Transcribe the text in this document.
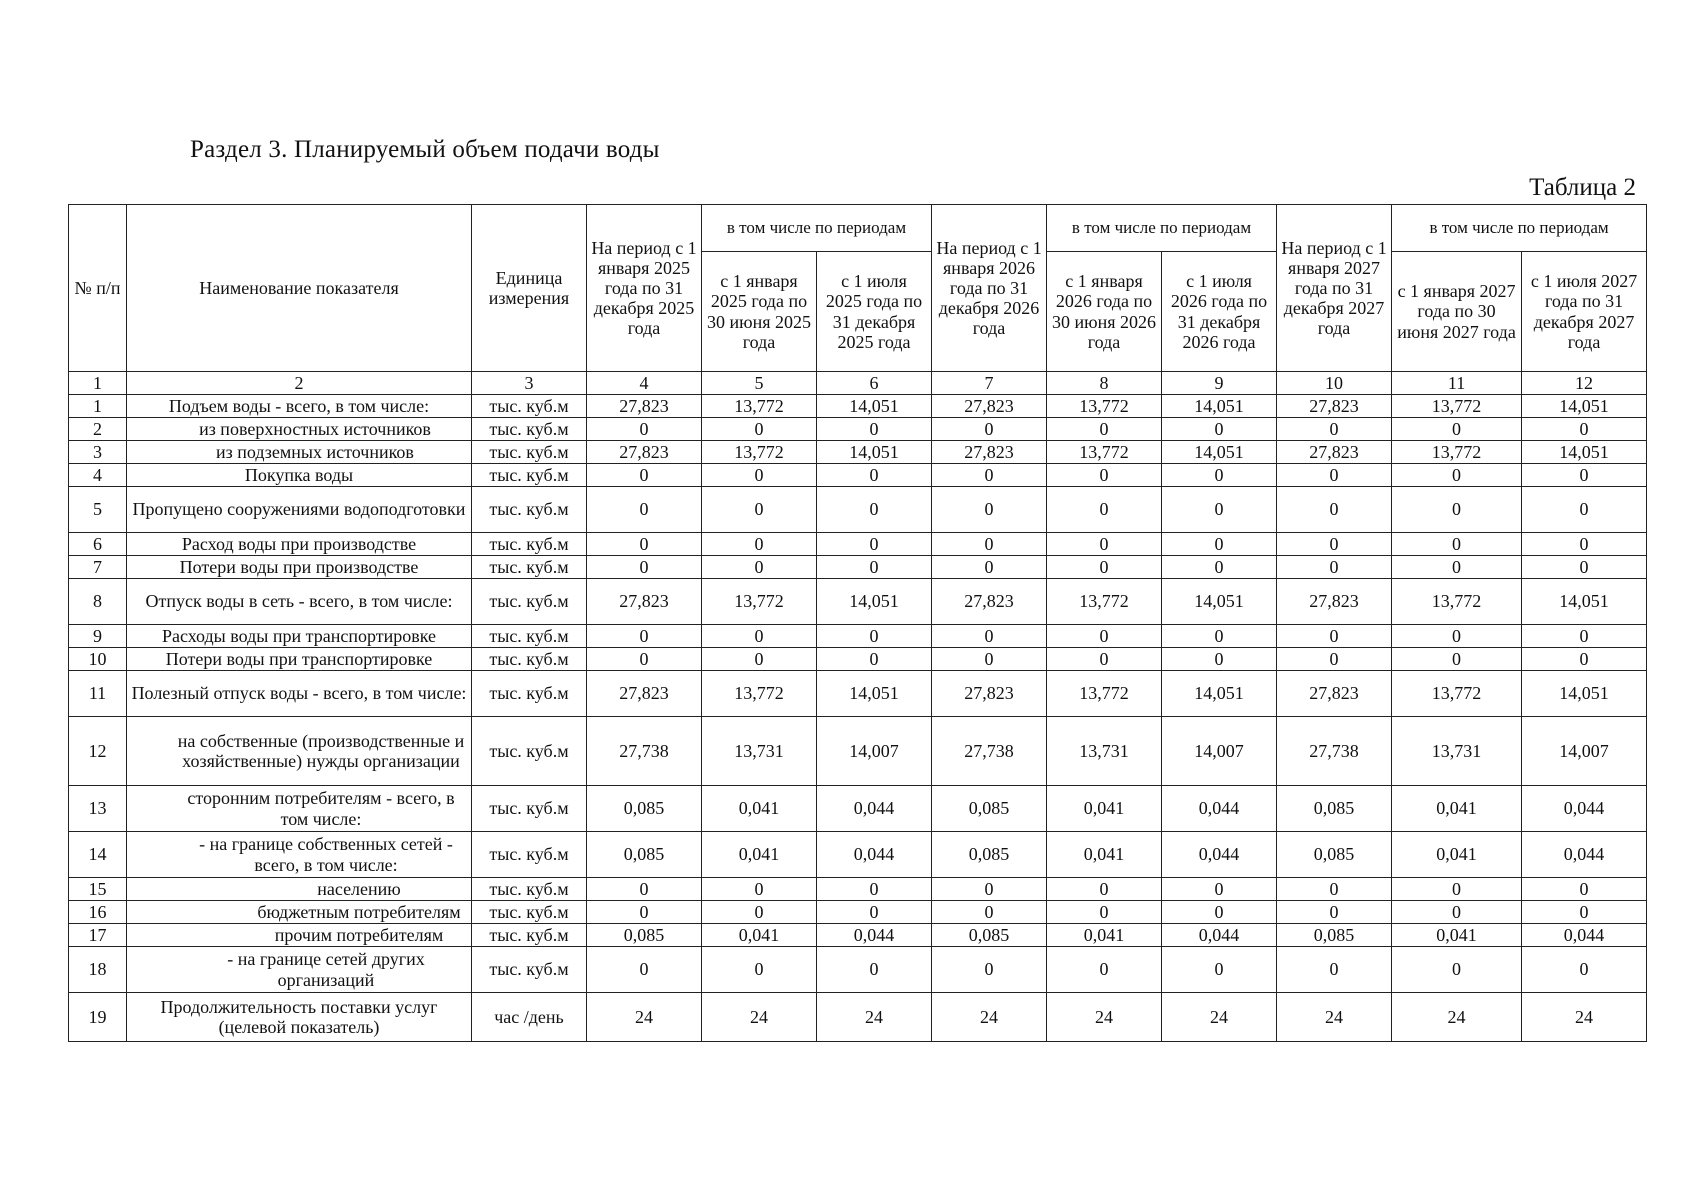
Раздел 3. Планируемый объем подачи воды
Таблица 2
№ п/п	Наименование показателя	Единица измерения	На период с 1 января 2025 года по 31 декабря 2025 года	в том числе по периодам		На период с 1 января 2026 года по 31 декабря 2026 года	в том числе по периодам		На период с 1 января 2027 года по 31 декабря 2027 года	в том числе по периодам	
				с 1 января 2025 года по 30 июня 2025 года	с 1 июля 2025 года по 31 декабря 2025 года		с 1 января 2026 года по 30 июня 2026 года	с 1 июля 2026 года по 31 декабря 2026 года		с 1 января 2027 года по 30 июня 2027 года	с 1 июля 2027 года по 31 декабря 2027 года
1	2	3	4	5	6	7	8	9	10	11	12
1	Подъем воды - всего, в том числе:	тыс. куб.м	27,823	13,772	14,051	27,823	13,772	14,051	27,823	13,772	14,051
2	из поверхностных источников	тыс. куб.м	0	0	0	0	0	0	0	0	0
3	из подземных источников	тыс. куб.м	27,823	13,772	14,051	27,823	13,772	14,051	27,823	13,772	14,051
4	Покупка воды	тыс. куб.м	0	0	0	0	0	0	0	0	0
5	Пропущено сооружениями водоподготовки	тыс. куб.м	0	0	0	0	0	0	0	0	0
6	Расход воды при производстве	тыс. куб.м	0	0	0	0	0	0	0	0	0
7	Потери воды при производстве	тыс. куб.м	0	0	0	0	0	0	0	0	0
8	Отпуск воды в сеть - всего, в том числе:	тыс. куб.м	27,823	13,772	14,051	27,823	13,772	14,051	27,823	13,772	14,051
9	Расходы воды при транспортировке	тыс. куб.м	0	0	0	0	0	0	0	0	0
10	Потери воды при транспортировке	тыс. куб.м	0	0	0	0	0	0	0	0	0
11	Полезный отпуск воды - всего, в том числе:	тыс. куб.м	27,823	13,772	14,051	27,823	13,772	14,051	27,823	13,772	14,051
12	на собственные (производственные и хозяйственные) нужды организации	тыс. куб.м	27,738	13,731	14,007	27,738	13,731	14,007	27,738	13,731	14,007
13	сторонним потребителям - всего, в том числе:	тыс. куб.м	0,085	0,041	0,044	0,085	0,041	0,044	0,085	0,041	0,044
14	- на границе собственных сетей - всего, в том числе:	тыс. куб.м	0,085	0,041	0,044	0,085	0,041	0,044	0,085	0,041	0,044
15	населению	тыс. куб.м	0	0	0	0	0	0	0	0	0
16	бюджетным потребителям	тыс. куб.м	0	0	0	0	0	0	0	0	0
17	прочим потребителям	тыс. куб.м	0,085	0,041	0,044	0,085	0,041	0,044	0,085	0,041	0,044
18	- на границе сетей других организаций	тыс. куб.м	0	0	0	0	0	0	0	0	0
19	Продолжительность поставки услуг (целевой показатель)	час /день	24	24	24	24	24	24	24	24	24
